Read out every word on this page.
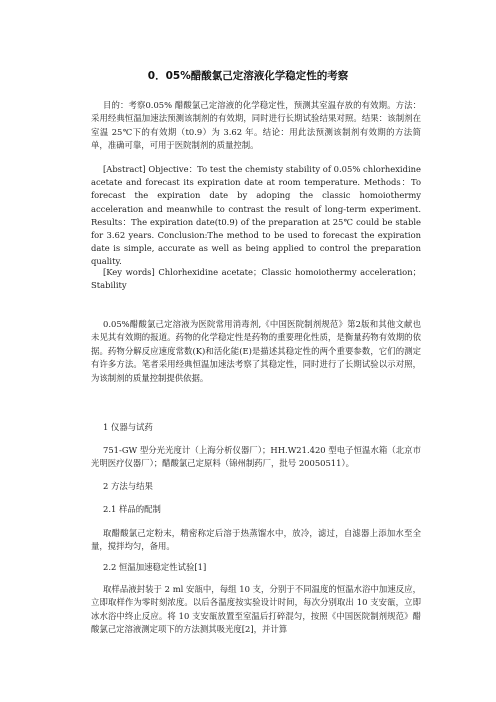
0．05%醋酸氯己定溶液化学稳定性的考察
目的：考察0.05% 醋酸氯己定溶液的化学稳定性，预测其室温存放的有效期。方法：采用经典恒温加速法预测该制剂的有效期，同时进行长期试验结果对照。结果：该制剂在室温 25℃下的有效期（t0.9）为 3.62 年。结论：用此法预测该制剂有效期的方法简单，准确可靠，可用于医院制剂的质量控制。
[Abstract] Objective：To test the chemisty stability of 0.05% chlorhexidine acetate and forecast its expiration date at room temperature. Methods：To forecast the expiration date by adoping the classic homoiothermy acceleration and meanwhile to contrast the result of long-term experiment. Results：The expiration date(t0.9) of the preparation at 25℃ could be stable for 3.62 years. Conclusion:The method to be used to forecast the expiration date is simple, accurate as well as being applied to control the preparation quality.
[Key words] Chlorhexidine acetate；Classic homoiothermy acceleration；Stability
0.05%醋酸氯己定溶液为医院常用消毒剂,《中国医院制剂规范》第2版和其他文献也未见其有效期的报道。药物的化学稳定性是药物的重要理化性质，是衡量药物有效期的依据。药物分解反应速度常数(K)和活化能(E)是描述其稳定性的两个重要参数，它们的测定有许多方法。笔者采用经典恒温加速法考察了其稳定性，同时进行了长期试验以示对照，为该制剂的质量控制提供依据。
1 仪器与试药
751-GW 型分光光度计（上海分析仪器厂）；HH.W21.420 型电子恒温水箱（北京市光明医疗仪器厂）；醋酸氯己定原料（锦州制药厂，批号 20050511）。
2 方法与结果
2.1 样品的配制
取醋酸氯己定粉末，精密称定后溶于热蒸馏水中，放冷，滤过，自滤器上添加水至全量，搅拌均匀，备用。
2.2 恒温加速稳定性试验[1]
取样品液封装于 2 ml 安瓿中，每组 10 支，分别于不同温度的恒温水浴中加速反应，立即取样作为零时刻浓度。以后各温度按实验设计时间，每次分别取出 10 支安瓿，立即冰水浴中终止反应。将 10 支安瓿放置至室温后打碎混匀，按照《中国医院制剂规范》醋酸氯己定溶液测定项下的方法测其吸光度[2]，并计算
